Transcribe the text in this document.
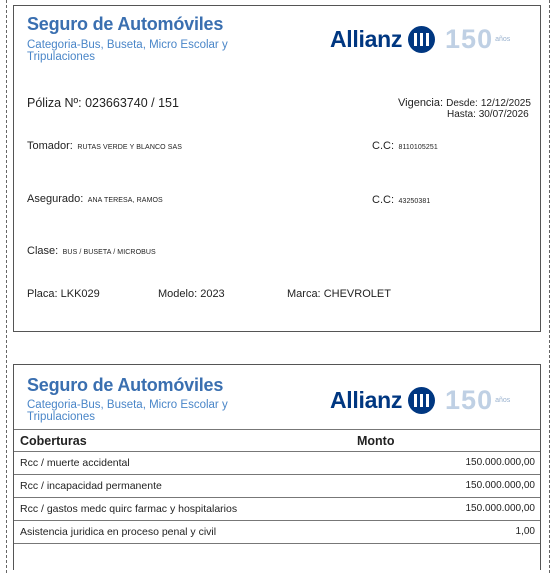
Seguro de Automóviles
Categoria-Bus, Buseta, Micro Escolar y
Tripulaciones
Allianz 150 años
Póliza Nº: 023663740 / 151	Vigencia: Desde: 12/12/2025
Hasta: 30/07/2026
Tomador: RUTAS VERDE Y BLANCO SAS	C.C: 8110105251
Asegurado: ANA TERESA, RAMOS	C.C: 43250381
Clase: BUS / BUSETA / MICROBUS
Placa: LKK029	Modelo: 2023	Marca: CHEVROLET
Seguro de Automóviles
Categoria-Bus, Buseta, Micro Escolar y
Tripulaciones
Allianz 150 años
Coberturas	Monto
Rcc / muerte accidental	150.000.000,00
Rcc / incapacidad permanente	150.000.000,00
Rcc / gastos medc quirc farmac y hospitalarios	150.000.000,00
Asistencia juridica en proceso penal y civil	1,00
